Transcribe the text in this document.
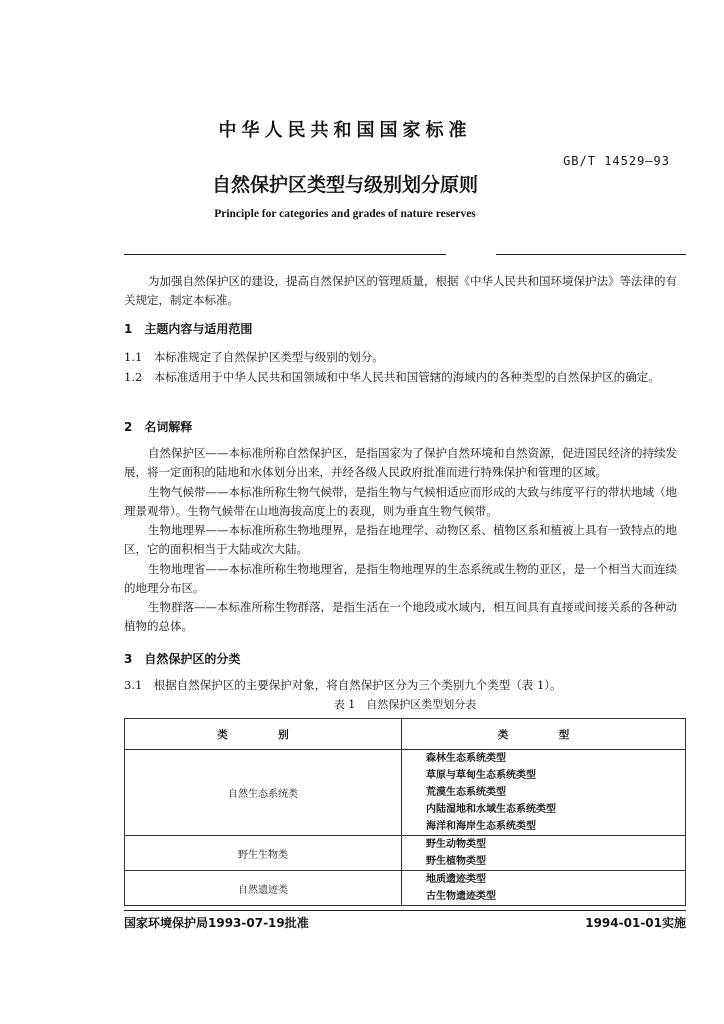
中华人民共和国国家标准
GB/T 14529—93
自然保护区类型与级别划分原则
Principle for categories and grades of nature reserves
为加强自然保护区的建设，提高自然保护区的管理质量，根据《中华人民共和国环境保护法》等法律的有关规定，制定本标准。
1　主题内容与适用范围
1.1　本标准规定了自然保护区类型与级别的划分。
1.2　本标准适用于中华人民共和国领域和中华人民共和国管辖的海域内的各种类型的自然保护区的确定。
2　名词解释
自然保护区——本标准所称自然保护区，是指国家为了保护自然环境和自然资源，促进国民经济的持续发展，将一定面积的陆地和水体划分出来，并经各级人民政府批准而进行特殊保护和管理的区域。
生物气候带——本标准所称生物气候带，是指生物与气候相适应而形成的大致与纬度平行的带状地域（地理景观带）。生物气候带在山地海拔高度上的表现，则为垂直生物气候带。
生物地理界——本标准所称生物地理界，是指在地理学、动物区系、植物区系和植被上具有一致特点的地区，它的面积相当于大陆或次大陆。
生物地理省——本标准所称生物地理省，是指生物地理界的生态系统或生物的亚区，是一个相当大而连续的地理分布区。
生物群落——本标准所称生物群落，是指生活在一个地段或水域内，相互间具有直接或间接关系的各种动植物的总体。
3　自然保护区的分类
3.1　根据自然保护区的主要保护对象，将自然保护区分为三个类别九个类型（表 1）。
表 1　自然保护区类型划分表
类　别	类　型
自然生态系统类	森林生态系统类型
草原与草甸生态系统类型
荒漠生态系统类型
内陆湿地和水域生态系统类型
海洋和海岸生态系统类型

野生生物类	野生动物类型
野生植物类型

自然遗迹类	地质遗迹类型
古生物遗迹类型
国家环境保护局1993-07-19批准	1994-01-01实施
